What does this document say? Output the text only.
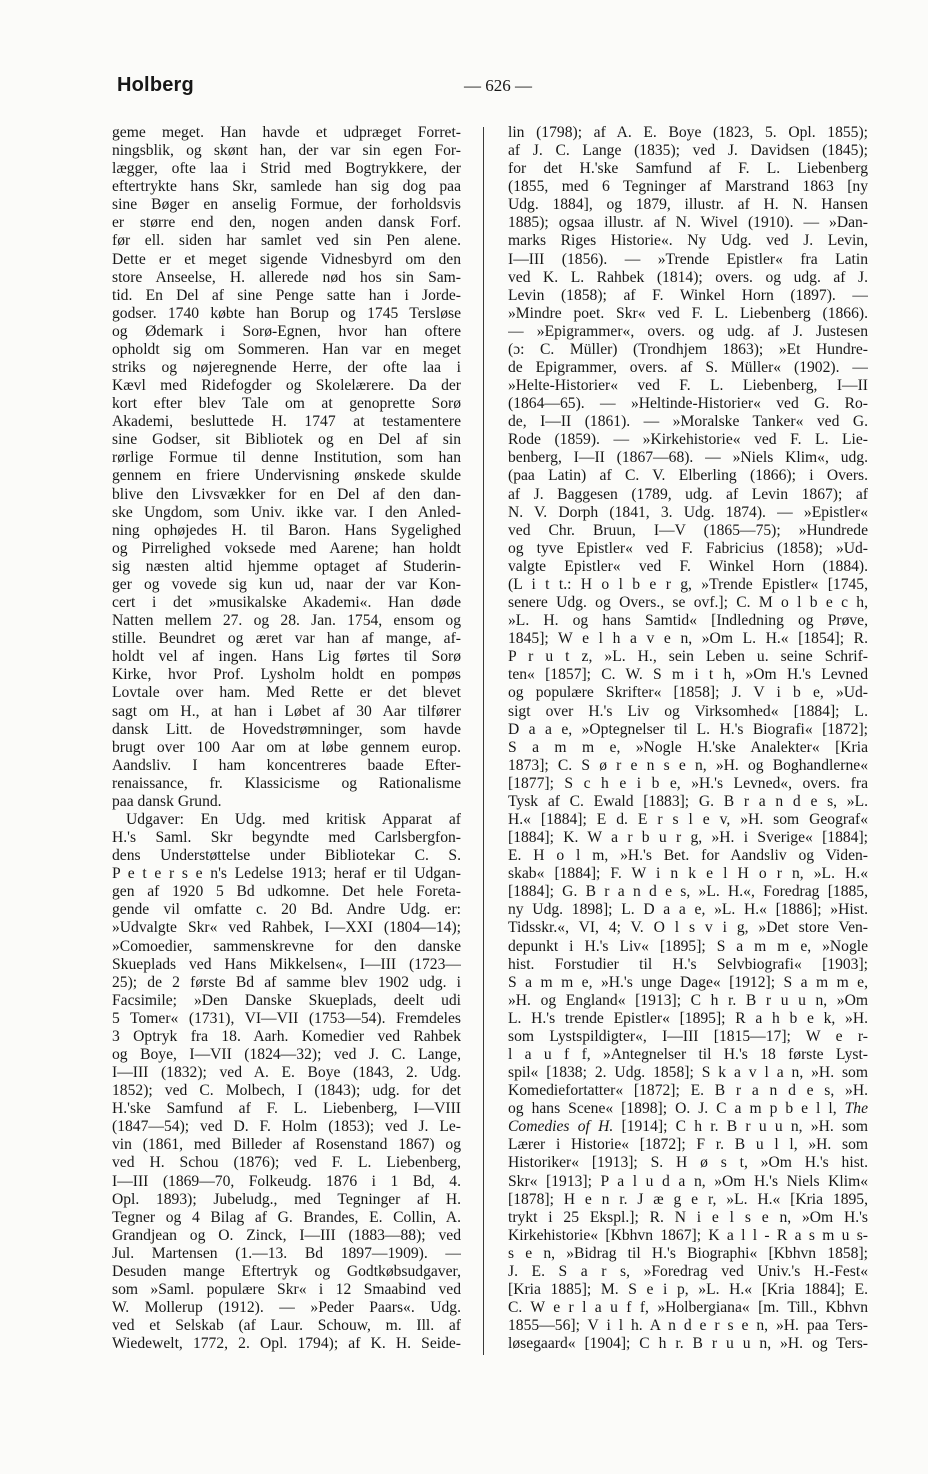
Holberg	— 626 —
geme meget. Han havde et udpræget Forret-
ningsblik, og skønt han, der var sin egen For-
lægger, ofte laa i Strid med Bogtrykkere, der
eftertrykte hans Skr, samlede han sig dog paa
sine Bøger en anselig Formue, der forholdsvis
er større end den, nogen anden dansk Forf.
før ell. siden har samlet ved sin Pen alene.
Dette er et meget sigende Vidnesbyrd om den
store Anseelse, H. allerede nød hos sin Sam-
tid. En Del af sine Penge satte han i Jorde-
godser. 1740 købte han Borup og 1745 Tersløse
og Ødemark i Sorø-Egnen, hvor han oftere
opholdt sig om Sommeren. Han var en meget
striks og nøjeregnende Herre, der ofte laa i
Kævl med Ridefogder og Skolelærere. Da der
kort efter blev Tale om at genoprette Sorø
Akademi, besluttede H. 1747 at testamentere
sine Godser, sit Bibliotek og en Del af sin
rørlige Formue til denne Institution, som han
gennem en friere Undervisning ønskede skulde
blive den Livsvækker for en Del af den dan-
ske Ungdom, som Univ. ikke var. I den Anled-
ning ophøjedes H. til Baron. Hans Sygelighed
og Pirrelighed voksede med Aarene; han holdt
sig næsten altid hjemme optaget af Studerin-
ger og vovede sig kun ud, naar der var Kon-
cert i det »musikalske Akademi«. Han døde
Natten mellem 27. og 28. Jan. 1754, ensom og
stille. Beundret og æret var han af mange, af-
holdt vel af ingen. Hans Lig førtes til Sorø
Kirke, hvor Prof. Lysholm holdt en pompøs
Lovtale over ham. Med Rette er det blevet
sagt om H., at han i Løbet af 30 Aar tilfører
dansk Litt. de Hovedstrømninger, som havde
brugt over 100 Aar om at løbe gennem europ.
Aandsliv. I ham koncentreres baade Efter-
renaissance, fr. Klassicisme og Rationalisme
paa dansk Grund.
Udgaver: En Udg. med kritisk Apparat af
H.'s Saml. Skr begyndte med Carlsbergfon-
dens Understøttelse under Bibliotekar C. S.
P e t e r s e n's Ledelse 1913; heraf er til Udgan-
gen af 1920 5 Bd udkomne. Det hele Foreta-
gende vil omfatte c. 20 Bd. Andre Udg. er:
»Udvalgte Skr« ved Rahbek, I—XXI (1804—14);
»Comoedier, sammenskrevne for den danske
Skueplads ved Hans Mikkelsen«, I—III (1723—
25); de 2 første Bd af samme blev 1902 udg. i
Facsimile; »Den Danske Skueplads, deelt udi
5 Tomer« (1731), VI—VII (1753—54). Fremdeles
3 Optryk fra 18. Aarh. Komedier ved Rahbek
og Boye, I—VII (1824—32); ved J. C. Lange,
I—III (1832); ved A. E. Boye (1843, 2. Udg.
1852); ved C. Molbech, I (1843); udg. for det
H.'ske Samfund af F. L. Liebenberg, I—VIII
(1847—54); ved D. F. Holm (1853); ved J. Le-
vin (1861, med Billeder af Rosenstand 1867) og
ved H. Schou (1876); ved F. L. Liebenberg,
I—III (1869—70, Folkeudg. 1876 i 1 Bd, 4.
Opl. 1893); Jubeludg., med Tegninger af H.
Tegner og 4 Bilag af G. Brandes, E. Collin, A.
Grandjean og O. Zinck, I—III (1883—88); ved
Jul. Martensen (1.—13. Bd 1897—1909). —
Desuden mange Eftertryk og Godtkøbsudgaver,
som »Saml. populære Skr« i 12 Smaabind ved
W. Mollerup (1912). — »Peder Paars«. Udg.
ved et Selskab (af Laur. Schouw, m. Ill. af
Wiedewelt, 1772, 2. Opl. 1794); af K. H. Seide-
lin (1798); af A. E. Boye (1823, 5. Opl. 1855);
af J. C. Lange (1835); ved J. Davidsen (1845);
for det H.'ske Samfund af F. L. Liebenberg
(1855, med 6 Tegninger af Marstrand 1863 [ny
Udg. 1884], og 1879, illustr. af H. N. Hansen
1885); ogsaa illustr. af N. Wivel (1910). — »Dan-
marks Riges Historie«. Ny Udg. ved J. Levin,
I—III (1856). — »Trende Epistler« fra Latin
ved K. L. Rahbek (1814); overs. og udg. af J.
Levin (1858); af F. Winkel Horn (1897). —
»Mindre poet. Skr« ved F. L. Liebenberg (1866).
— »Epigrammer«, overs. og udg. af J. Justesen
(ɔ: C. Müller) (Trondhjem 1863); »Et Hundre-
de Epigrammer, overs. af S. Müller« (1902). —
»Helte-Historier« ved F. L. Liebenberg, I—II
(1864—65). — »Heltinde-Historier« ved G. Ro-
de, I—II (1861). — »Moralske Tanker« ved G.
Rode (1859). — »Kirkehistorie« ved F. L. Lie-
benberg, I—II (1867—68). — »Niels Klim«, udg.
(paa Latin) af C. V. Elberling (1866); i Overs.
af J. Baggesen (1789, udg. af Levin 1867); af
N. V. Dorph (1841, 3. Udg. 1874). — »Epistler«
ved Chr. Bruun, I—V (1865—75); »Hundrede
og tyve Epistler« ved F. Fabricius (1858); »Ud-
valgte Epistler« ved F. Winkel Horn (1884).
(L i t t.: H o l b e r g, »Trende Epistler« [1745,
senere Udg. og Overs., se ovf.]; C. M o l b e c h,
»L. H. og hans Samtid« [Indledning og Prøve,
1845]; W e l h a v e n, »Om L. H.« [1854]; R.
P r u t z, »L. H., sein Leben u. seine Schrif-
ten« [1857]; C. W. S m i t h, »Om H.'s Levned
og populære Skrifter« [1858]; J. V i b e, »Ud-
sigt over H.'s Liv og Virksomhed« [1884]; L.
D a a e, »Optegnelser til L. H.'s Biografi« [1872];
S a m m e, »Nogle H.'ske Analekter« [Kria
1873]; C. S ø r e n s e n, »H. og Boghandlerne«
[1877]; S c h e i b e, »H.'s Levned«, overs. fra
Tysk af C. Ewald [1883]; G. B r a n d e s, »L.
H.« [1884]; E d. E r s l e v, »H. som Geograf«
[1884]; K. W a r b u r g, »H. i Sverige« [1884];
E. H o l m, »H.'s Bet. for Aandsliv og Viden-
skab« [1884]; F. W i n k e l H o r n, »L. H.«
[1884]; G. B r a n d e s, »L. H.«, Foredrag [1885,
ny Udg. 1898]; L. D a a e, »L. H.« [1886]; »Hist.
Tidsskr.«, VI, 4; V. O l s v i g, »Det store Ven-
depunkt i H.'s Liv« [1895]; S a m m e, »Nogle
hist. Forstudier til H.'s Selvbiografi« [1903];
S a m m e, »H.'s unge Dage« [1912]; S a m m e,
»H. og England« [1913]; C h r. B r u u n, »Om
L. H.'s trende Epistler« [1895]; R a h b e k, »H.
som Lystspildigter«, I—III [1815—17]; W e r-
l a u f f, »Antegnelser til H.'s 18 første Lyst-
spil« [1838; 2. Udg. 1858]; S k a v l a n, »H. som
Komediefortatter« [1872]; E. B r a n d e s, »H.
og hans Scene« [1898]; O. J. C a m p b e l l, The
Comedies of H. [1914]; C h r. B r u u n, »H. som
Lærer i Historie« [1872]; F r. B u l l, »H. som
Historiker« [1913]; S. H ø s t, »Om H.'s hist.
Skr« [1913]; P a l u d a n, »Om H.'s Niels Klim«
[1878]; H e n r. J æ g e r, »L. H.« [Kria 1895,
trykt i 25 Ekspl.]; R. N i e l s e n, »Om H.'s
Kirkehistorie« [Kbhvn 1867]; K a l l - R a s m u s-
s e n, »Bidrag til H.'s Biographi« [Kbhvn 1858];
J. E. S a r s, »Foredrag ved Univ.'s H.-Fest«
[Kria 1885]; M. S e i p, »L. H.« [Kria 1884]; E.
C. W e r l a u f f, »Holbergiana« [m. Till., Kbhvn
1855—56]; V i l h. A n d e r s e n, »H. paa Ters-
løsegaard« [1904]; C h r. B r u u n, »H. og Ters-
